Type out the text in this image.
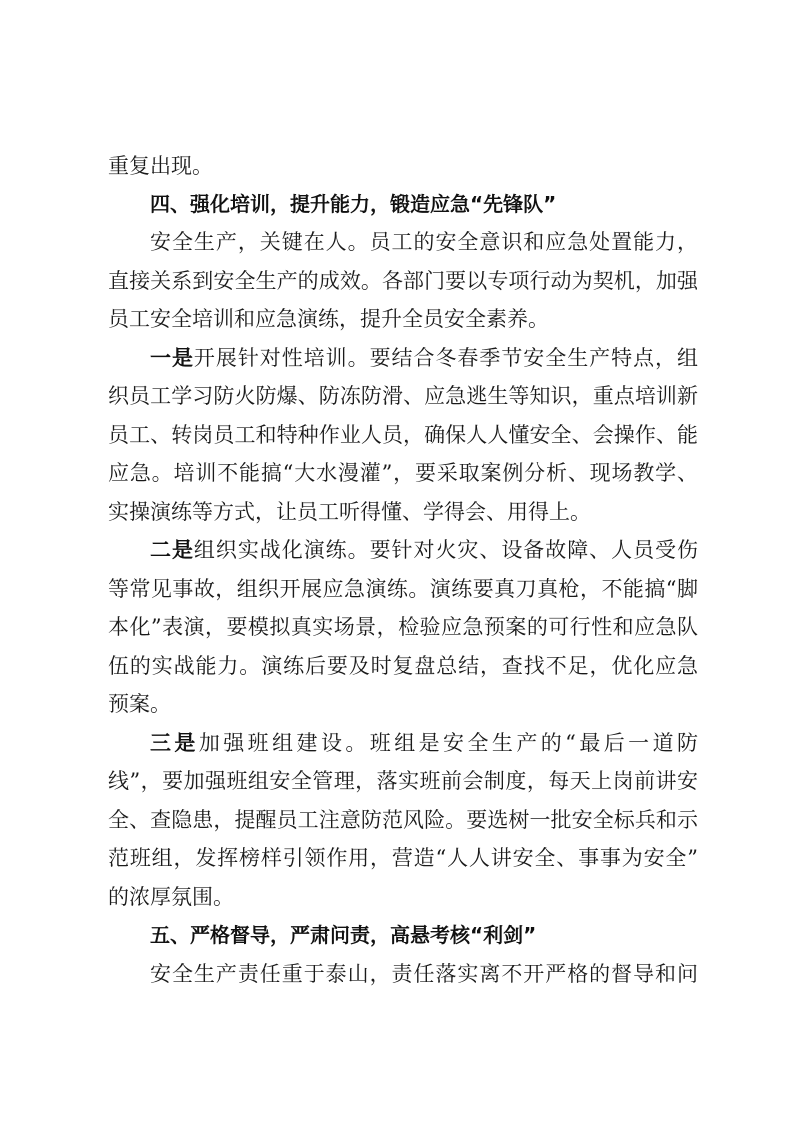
重复出现。
四、强化培训，提升能力，锻造应急“先锋队”
安全生产，关键在人。员工的安全意识和应急处置能力，
直接关系到安全生产的成效。各部门要以专项行动为契机，加强
员工安全培训和应急演练，提升全员安全素养。
一是开展针对性培训。要结合冬春季节安全生产特点，组
织员工学习防火防爆、防冻防滑、应急逃生等知识，重点培训新
员工、转岗员工和特种作业人员，确保人人懂安全、会操作、能
应急。培训不能搞“大水漫灌”，要采取案例分析、现场教学、
实操演练等方式，让员工听得懂、学得会、用得上。
二是组织实战化演练。要针对火灾、设备故障、人员受伤
等常见事故，组织开展应急演练。演练要真刀真枪，不能搞“脚
本化”表演，要模拟真实场景，检验应急预案的可行性和应急队
伍的实战能力。演练后要及时复盘总结，查找不足，优化应急
预案。
三是加强班组建设。班组是安全生产的“最后一道防
线”，要加强班组安全管理，落实班前会制度，每天上岗前讲安
全、查隐患，提醒员工注意防范风险。要选树一批安全标兵和示
范班组，发挥榜样引领作用，营造“人人讲安全、事事为安全”
的浓厚氛围。
五、严格督导，严肃问责，高悬考核“利剑”
安全生产责任重于泰山，责任落实离不开严格的督导和问
